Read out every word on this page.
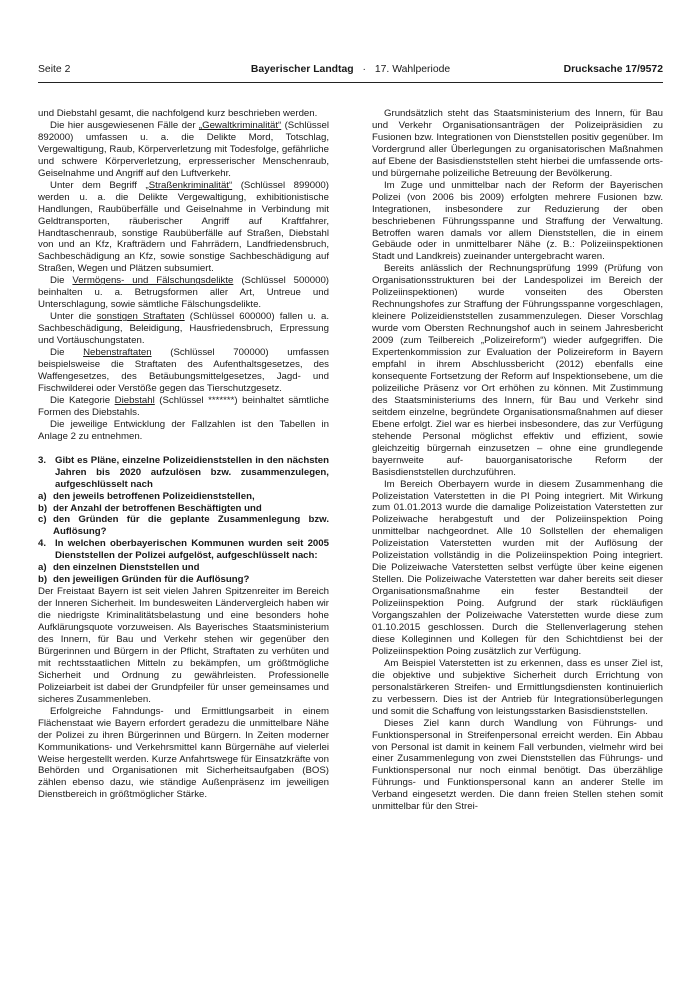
Seite 2	Bayerischer Landtag · 17. Wahlperiode	Drucksache 17/9572

und Diebstahl gesamt, die nachfolgend kurz beschrieben werden.

Die hier ausgewiesenen Fälle der „Gewaltkriminalität“ (Schlüssel 892000) umfassen u. a. die Delikte Mord, Totschlag, Vergewaltigung, Raub, Körperverletzung mit Todesfolge, gefährliche und schwere Körperverletzung, erpresserischer Menschenraub, Geiselnahme und Angriff auf den Luftverkehr.

Unter dem Begriff „Straßenkriminalität“ (Schlüssel 899000) werden u. a. die Delikte Vergewaltigung, exhibitionistische Handlungen, Raubüberfälle und Geiselnahme in Verbindung mit Geldtransporten, räuberischer Angriff auf Kraftfahrer, Handtaschenraub, sonstige Raubüberfälle auf Straßen, Diebstahl von und an Kfz, Krafträdern und Fahrrädern, Landfriedensbruch, Sachbeschädigung an Kfz, sowie sonstige Sachbeschädigung auf Straßen, Wegen und Plätzen subsumiert.

Die Vermögens- und Fälschungsdelikte (Schlüssel 500000) beinhalten u. a. Betrugsformen aller Art, Untreue und Unterschlagung, sowie sämtliche Fälschungsdelikte.

Unter die sonstigen Straftaten (Schlüssel 600000) fallen u. a. Sachbeschädigung, Beleidigung, Hausfriedensbruch, Erpressung und Vortäuschungstaten.

Die Nebenstraftaten (Schlüssel 700000) umfassen beispielsweise die Straftaten des Aufenthaltsgesetzes, des Waffengesetzes, des Betäubungsmittelgesetzes, Jagd- und Fischwilderei oder Verstöße gegen das Tierschutzgesetz.

Die Kategorie Diebstahl (Schlüssel *******) beinhaltet sämtliche Formen des Diebstahls.

Die jeweilige Entwicklung der Fallzahlen ist den Tabellen in Anlage 2 zu entnehmen.

3. Gibt es Pläne, einzelne Polizeidienststellen in den nächsten Jahren bis 2020 aufzulösen bzw. zusammenzulegen, aufgeschlüsselt nach
a) den jeweils betroffenen Polizeidienststellen,
b) der Anzahl der betroffenen Beschäftigten und
c) den Gründen für die geplante Zusammenlegung bzw. Auflösung?
4. In welchen oberbayerischen Kommunen wurden seit 2005 Dienststellen der Polizei aufgelöst, aufgeschlüsselt nach:
a) den einzelnen Dienststellen und
b) den jeweiligen Gründen für die Auflösung?

Der Freistaat Bayern ist seit vielen Jahren Spitzenreiter im Bereich der Inneren Sicherheit. Im bundesweiten Ländervergleich haben wir die niedrigste Kriminalitätsbelastung und eine besonders hohe Aufklärungsquote vorzuweisen. Als Bayerisches Staatsministerium des Innern, für Bau und Verkehr stehen wir gegenüber den Bürgerinnen und Bürgern in der Pflicht, Straftaten zu verhüten und mit rechtsstaatlichen Mitteln zu bekämpfen, um größtmögliche Sicherheit und Ordnung zu gewährleisten. Professionelle Polizeiarbeit ist dabei der Grundpfeiler für unser gemeinsames und sicheres Zusammenleben.

Erfolgreiche Fahndungs- und Ermittlungsarbeit in einem Flächenstaat wie Bayern erfordert geradezu die unmittelbare Nähe der Polizei zu ihren Bürgerinnen und Bürgern. In Zeiten moderner Kommunikations- und Verkehrsmittel kann Bürgernähe auf vielerlei Weise hergestellt werden. Kurze Anfahrtswege für Einsatzkräfte von Behörden und Organisationen mit Sicherheitsaufgaben (BOS) zählen ebenso dazu, wie ständige Außenpräsenz im jeweiligen Dienstbereich in größtmöglicher Stärke.

Grundsätzlich steht das Staatsministerium des Innern, für Bau und Verkehr Organisationsanträgen der Polizeipräsidien zu Fusionen bzw. Integrationen von Dienststellen positiv gegenüber. Im Vordergrund aller Überlegungen zu organisatorischen Maßnahmen auf Ebene der Basisdienststellen steht hierbei die umfassende orts- und bürgernahe polizeiliche Betreuung der Bevölkerung.

Im Zuge und unmittelbar nach der Reform der Bayerischen Polizei (von 2006 bis 2009) erfolgten mehrere Fusionen bzw. Integrationen, insbesondere zur Reduzierung der oben beschriebenen Führungsspanne und Straffung der Verwaltung. Betroffen waren damals vor allem Dienststellen, die in einem Gebäude oder in unmittelbarer Nähe (z. B.: Polizeiinspektionen Stadt und Landkreis) zueinander untergebracht waren.

Bereits anlässlich der Rechnungsprüfung 1999 (Prüfung von Organisationsstrukturen bei der Landespolizei im Bereich der Polizeiinspektionen) wurde vonseiten des Obersten Rechnungshofes zur Straffung der Führungsspanne vorgeschlagen, kleinere Polizeidienststellen zusammenzulegen. Dieser Vorschlag wurde vom Obersten Rechnungshof auch in seinem Jahresbericht 2009 (zum Teilbereich „Polizeireform“) wieder aufgegriffen. Die Expertenkommission zur Evaluation der Polizeireform in Bayern empfahl in ihrem Abschlussbericht (2012) ebenfalls eine konsequente Fortsetzung der Reform auf Inspektionsebene, um die polizeiliche Präsenz vor Ort erhöhen zu können. Mit Zustimmung des Staatsministeriums des Innern, für Bau und Verkehr sind seitdem einzelne, begründete Organisationsmaßnahmen auf dieser Ebene erfolgt. Ziel war es hierbei insbesondere, das zur Verfügung stehende Personal möglichst effektiv und effizient, sowie gleichzeitig bürgernah einzusetzen – ohne eine grundlegende bayernweite auf- bauorganisatorische Reform der Basisdienststellen durchzuführen.

Im Bereich Oberbayern wurde in diesem Zusammenhang die Polizeistation Vaterstetten in die PI Poing integriert. Mit Wirkung zum 01.01.2013 wurde die damalige Polizeistation Vaterstetten zur Polizeiwache herabgestuft und der Polizeiinspektion Poing unmittelbar nachgeordnet. Alle 10 Sollstellen der ehemaligen Polizeistation Vaterstetten wurden mit der Auflösung der Polizeistation vollständig in die Polizeiinspektion Poing integriert. Die Polizeiwache Vaterstetten selbst verfügte über keine eigenen Stellen. Die Polizeiwache Vaterstetten war daher bereits seit dieser Organisationsmaßnahme ein fester Bestandteil der Polizeiinspektion Poing. Aufgrund der stark rückläufigen Vorgangszahlen der Polizeiwache Vaterstetten wurde diese zum 01.10.2015 geschlossen. Durch die Stellenverlagerung stehen diese Kolleginnen und Kollegen für den Schichtdienst bei der Polizeiinspektion Poing zusätzlich zur Verfügung.

Am Beispiel Vaterstetten ist zu erkennen, dass es unser Ziel ist, die objektive und subjektive Sicherheit durch Errichtung von personalstärkeren Streifen- und Ermittlungsdiensten kontinuierlich zu verbessern. Dies ist der Antrieb für Integrationsüberlegungen und somit die Schaffung von leistungsstarken Basisdienststellen.

Dieses Ziel kann durch Wandlung von Führungs- und Funktionspersonal in Streifenpersonal erreicht werden. Ein Abbau von Personal ist damit in keinem Fall verbunden, vielmehr wird bei einer Zusammenlegung von zwei Dienststellen das Führungs- und Funktionspersonal nur noch einmal benötigt. Das überzählige Führungs- und Funktionspersonal kann an anderer Stelle im Verband eingesetzt werden. Die dann freien Stellen stehen somit unmittelbar für den Strei-
